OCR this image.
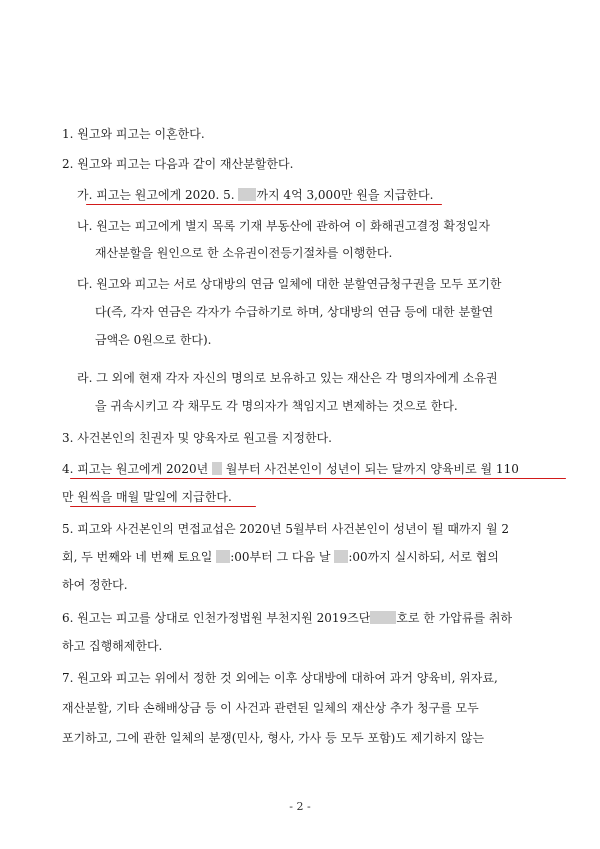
1. 원고와 피고는 이혼한다.
2. 원고와 피고는 다음과 같이 재산분할한다.
가. 피고는 원고에게 2020. 5. 까지 4억 3,000만 원을 지급한다.
나. 원고는 피고에게 별지 목록 기재 부동산에 관하여 이 화해권고결정 확정일자
재산분할을 원인으로 한 소유권이전등기절차를 이행한다.
다. 원고와 피고는 서로 상대방의 연금 일체에 대한 분할연금청구권을 모두 포기한
다(즉, 각자 연금은 각자가 수급하기로 하며, 상대방의 연금 등에 대한 분할연
금액은 0원으로 한다).
라. 그 외에 현재 각자 자신의 명의로 보유하고 있는 재산은 각 명의자에게 소유권
을 귀속시키고 각 채무도 각 명의자가 책임지고 변제하는 것으로 한다.
3. 사건본인의 친권자 및 양육자로 원고를 지정한다.
4. 피고는 원고에게 2020년  월부터 사건본인이 성년이 되는 달까지 양육비로 월 110
만 원씩을 매월 말일에 지급한다.
5. 피고와 사건본인의 면접교섭은 2020년 5월부터 사건본인이 성년이 될 때까지 월 2
회, 두 번째와 네 번째 토요일 :00부터 그 다음 날 :00까지 실시하되, 서로 협의
하여 정한다.
6. 원고는 피고를 상대로 인천가정법원 부천지원 2019즈단 호로 한 가압류를 취하
하고 집행해제한다.
7. 원고와 피고는 위에서 정한 것 외에는 이후 상대방에 대하여 과거 양육비, 위자료,
재산분할, 기타 손해배상금 등 이 사건과 관련된 일체의 재산상 추가 청구를 모두
포기하고, 그에 관한 일체의 분쟁(민사, 형사, 가사 등 모두 포함)도 제기하지 않는
- 2 -
